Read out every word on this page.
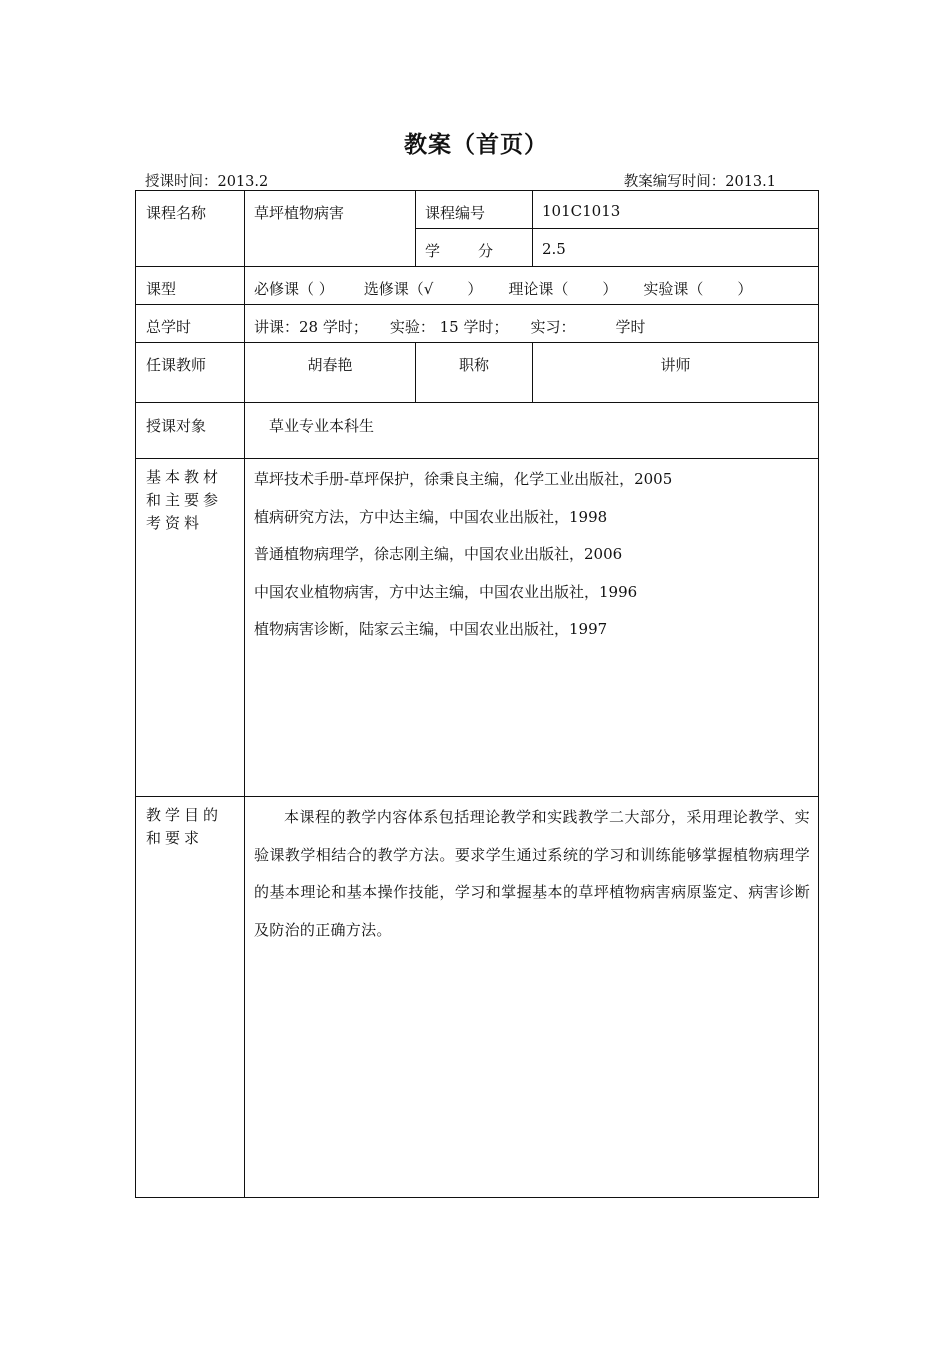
教案（首页）
授课时间：2013.2	教案编写时间：2013.1
课程名称	草坪植物病害	课程编号	101C1013
		学 分	2.5
课型	必修课（ ） 选修课（√ ） 理论课（ ） 实验课（ ）		
总学时	讲课：28 学时； 实验： 15 学时； 实习： 学时		
任课教师	胡春艳	职称	讲师
授课对象	草业专业本科生		
基本教材和主要参考资料	草坪技术手册-草坪保护，徐秉良主编，化学工业出版社，2005
植病研究方法，方中达主编，中国农业出版社，1998
普通植物病理学，徐志刚主编，中国农业出版社，2006
中国农业植物病害，方中达主编，中国农业出版社，1996
植物病害诊断，陆家云主编，中国农业出版社，1997		

教学目的和要求	本课程的教学内容体系包括理论教学和实践教学二大部分，采用理论教学、实验课教学相结合的教学方法。要求学生通过系统的学习和训练能够掌握植物病理学的基本理论和基本操作技能，学习和掌握基本的草坪植物病害病原鉴定、病害诊断及防治的正确方法。		
